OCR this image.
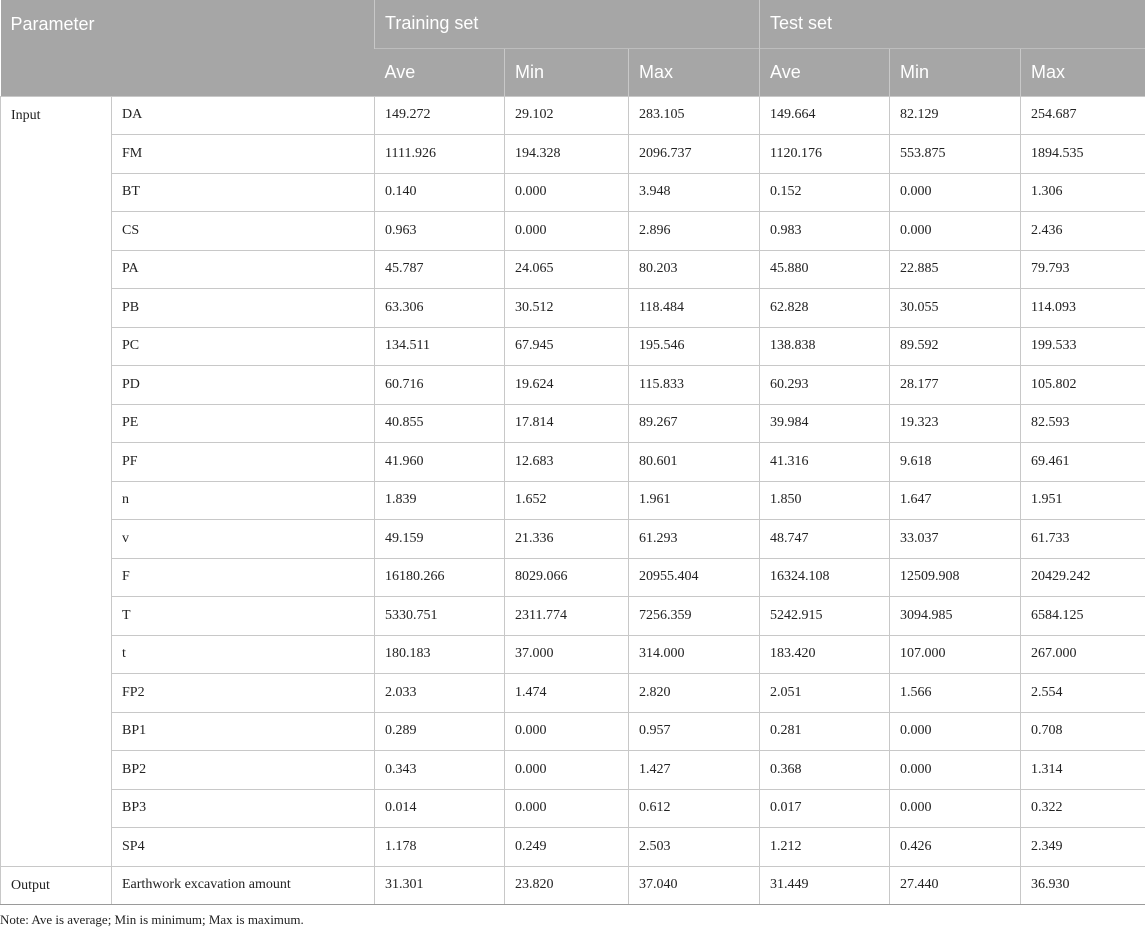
Parameter		Training set			Test set		
		Ave	Min	Max	Ave	Min	Max
Input	DA	149.272	29.102	283.105	149.664	82.129	254.687
	FM	1111.926	194.328	2096.737	1120.176	553.875	1894.535
	BT	0.140	0.000	3.948	0.152	0.000	1.306
	CS	0.963	0.000	2.896	0.983	0.000	2.436
	PA	45.787	24.065	80.203	45.880	22.885	79.793
	PB	63.306	30.512	118.484	62.828	30.055	114.093
	PC	134.511	67.945	195.546	138.838	89.592	199.533
	PD	60.716	19.624	115.833	60.293	28.177	105.802
	PE	40.855	17.814	89.267	39.984	19.323	82.593
	PF	41.960	12.683	80.601	41.316	9.618	69.461
	n	1.839	1.652	1.961	1.850	1.647	1.951
	v	49.159	21.336	61.293	48.747	33.037	61.733
	F	16180.266	8029.066	20955.404	16324.108	12509.908	20429.242
	T	5330.751	2311.774	7256.359	5242.915	3094.985	6584.125
	t	180.183	37.000	314.000	183.420	107.000	267.000
	FP2	2.033	1.474	2.820	2.051	1.566	2.554
	BP1	0.289	0.000	0.957	0.281	0.000	0.708
	BP2	0.343	0.000	1.427	0.368	0.000	1.314
	BP3	0.014	0.000	0.612	0.017	0.000	0.322
	SP4	1.178	0.249	2.503	1.212	0.426	2.349
Output	Earthwork excavation amount	31.301	23.820	37.040	31.449	27.440	36.930
Note: Ave is average; Min is minimum; Max is maximum.
